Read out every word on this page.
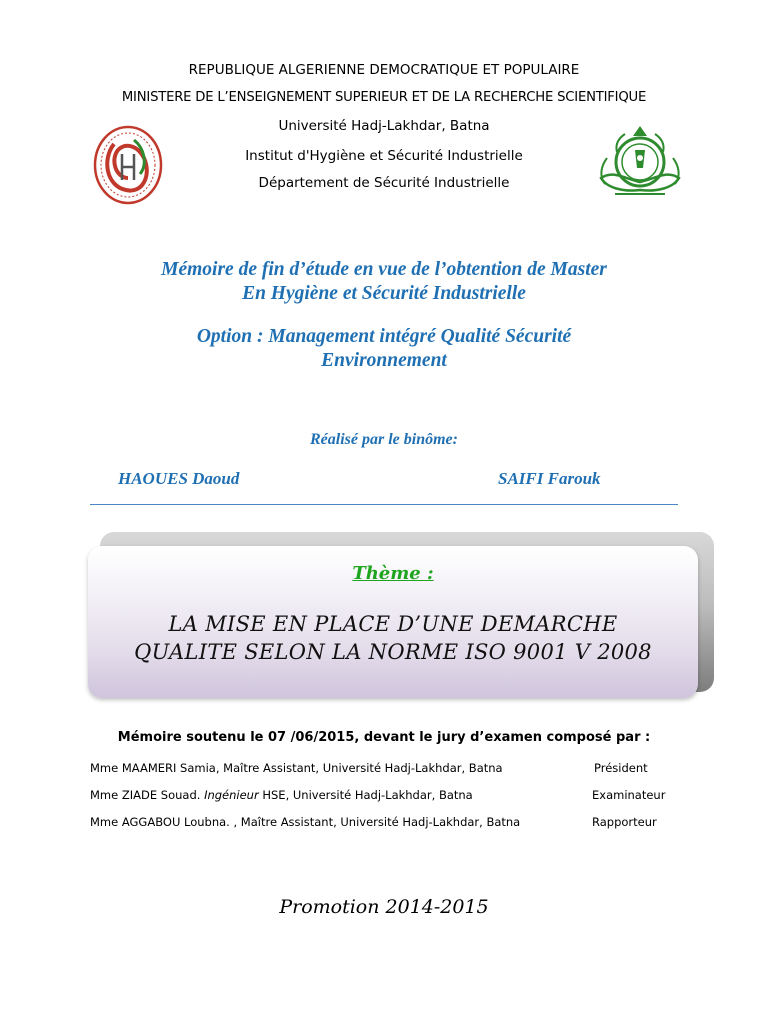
REPUBLIQUE ALGERIENNE DEMOCRATIQUE ET POPULAIRE
MINISTERE DE L’ENSEIGNEMENT SUPERIEUR ET DE LA RECHERCHE SCIENTIFIQUE
Université Hadj-Lakhdar, Batna
Institut d'Hygiène et Sécurité Industrielle
Département de Sécurité Industrielle
Mémoire de fin d’étude en vue de l’obtention de Master
En Hygiène et Sécurité Industrielle
Option : Management intégré Qualité Sécurité
Environnement
Réalisé par le binôme:
HAOUES Daoud	SAIFI Farouk
Thème :
LA MISE EN PLACE D’UNE DEMARCHE
QUALITE SELON LA NORME ISO 9001 V 2008
Mémoire soutenu le 07 /06/2015, devant le jury d’examen composé par :
Mme MAAMERI Samia, Maître Assistant, Université Hadj-Lakhdar, Batna	Président
Mme ZIADE Souad. Ingénieur HSE, Université Hadj-Lakhdar, Batna	Examinateur
Mme AGGABOU Loubna. , Maître Assistant, Université Hadj-Lakhdar, Batna	Rapporteur
Promotion 2014-2015
